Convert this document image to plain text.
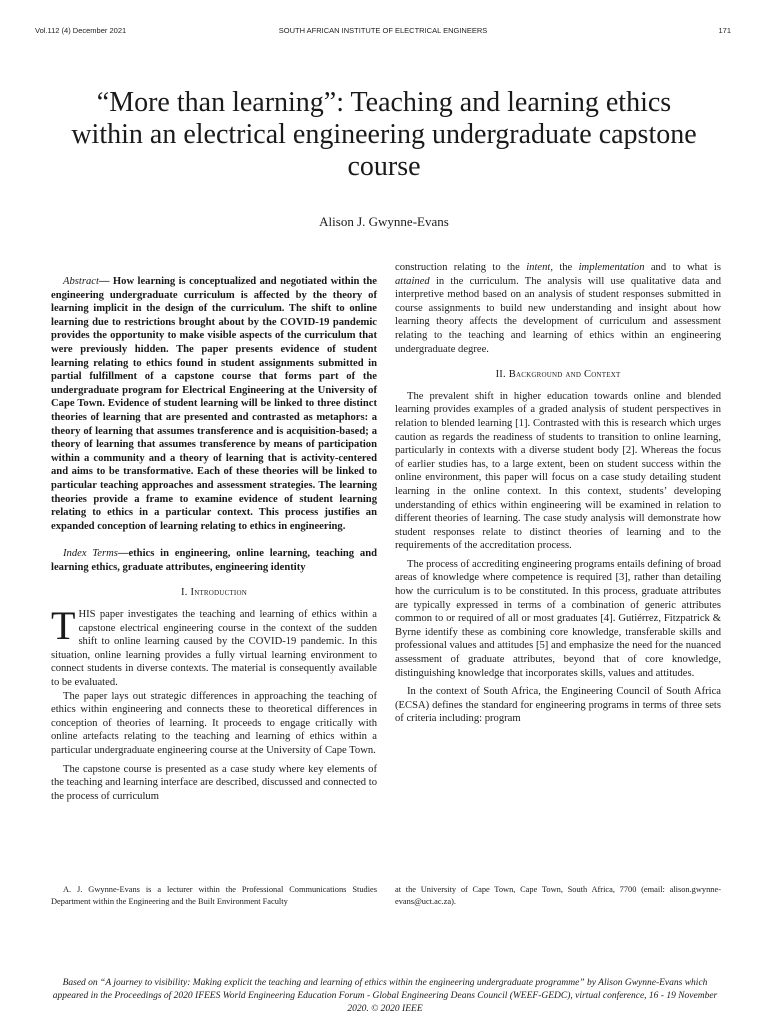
Vol.112 (4) December 2021	SOUTH AFRICAN INSTITUTE OF ELECTRICAL ENGINEERS	171
“More than learning”: Teaching and learning ethics within an electrical engineering undergraduate capstone course
Alison J. Gwynne-Evans

Abstract— How learning is conceptualized and negotiated within the engineering undergraduate curriculum is affected by the theory of learning implicit in the design of the curriculum. The shift to online learning due to restrictions brought about by the COVID-19 pandemic provides the opportunity to make visible aspects of the curriculum that were previously hidden. The paper presents evidence of student learning relating to ethics found in student assignments submitted in partial fulfillment of a capstone course that forms part of the undergraduate program for Electrical Engineering at the University of Cape Town. Evidence of student learning will be linked to three distinct theories of learning that are presented and contrasted as metaphors: a theory of learning that assumes transference and is acquisition-based; a theory of learning that assumes transference by means of participation within a community and a theory of learning that is activity-centered and aims to be transformative. Each of these theories will be linked to particular teaching approaches and assessment strategies. The learning theories provide a frame to examine evidence of student learning relating to ethics in a particular context. This process justifies an expanded conception of learning relating to ethics in engineering.

Index Terms—ethics in engineering, online learning, teaching and learning ethics, graduate attributes, engineering identity

I. Introduction

THIS paper investigates the teaching and learning of ethics within a capstone electrical engineering course in the context of the sudden shift to online learning caused by the COVID-19 pandemic. In this situation, online learning provides a fully virtual learning environment to connect students in diverse contexts. The material is consequently available to be evaluated.

The paper lays out strategic differences in approaching the teaching of ethics within engineering and connects these to theoretical differences in conception of theories of learning. It proceeds to engage critically with online artefacts relating to the teaching and learning of ethics within a particular undergraduate engineering course at the University of Cape Town.

The capstone course is presented as a case study where key elements of the teaching and learning interface are described, discussed and connected to the process of curriculum

construction relating to the intent, the implementation and to what is attained in the curriculum. The analysis will use qualitative data and interpretive method based on an analysis of student responses submitted in course assignments to build new understanding and insight about how learning theory affects the development of curriculum and assessment relating to the teaching and learning of ethics within an engineering undergraduate degree.

II. Background and Context

The prevalent shift in higher education towards online and blended learning provides examples of a graded analysis of student perspectives in relation to blended learning [1]. Contrasted with this is research which urges caution as regards the readiness of students to transition to online learning, particularly in contexts with a diverse student body [2]. Whereas the focus of earlier studies has, to a large extent, been on student success within the online environment, this paper will focus on a case study detailing student learning in the online context. In this context, students’ developing understanding of ethics within engineering will be examined in relation to different theories of learning. The case study analysis will demonstrate how student responses relate to distinct theories of learning and to the requirements of the accreditation process.

The process of accrediting engineering programs entails defining of broad areas of knowledge where competence is required [3], rather than detailing how the curriculum is to be constituted. In this process, graduate attributes are typically expressed in terms of a combination of generic attributes common to or required of all or most graduates [4]. Gutiérrez, Fitzpatrick & Byrne identify these as combining core knowledge, transferable skills and professional values and attitudes [5] and emphasize the need for the nuanced assessment of graduate attributes, beyond that of core knowledge, distinguishing knowledge that incorporates skills, values and attitudes.

In the context of South Africa, the Engineering Council of South Africa (ECSA) defines the standard for engineering programs in terms of three sets of criteria including: program

A. J. Gwynne-Evans is a lecturer within the Professional Communications Studies Department within the Engineering and the Built Environment Faculty
at the University of Cape Town, Cape Town, South Africa, 7700 (email: alison.gwynne-evans@uct.ac.za).
Based on “A journey to visibility: Making explicit the teaching and learning of ethics within the engineering undergraduate programme” by Alison Gwynne-Evans which appeared in the Proceedings of 2020 IFEES World Engineering Education Forum - Global Engineering Deans Council (WEEF-GEDC), virtual conference, 16 - 19 November 2020. © 2020 IEEE
